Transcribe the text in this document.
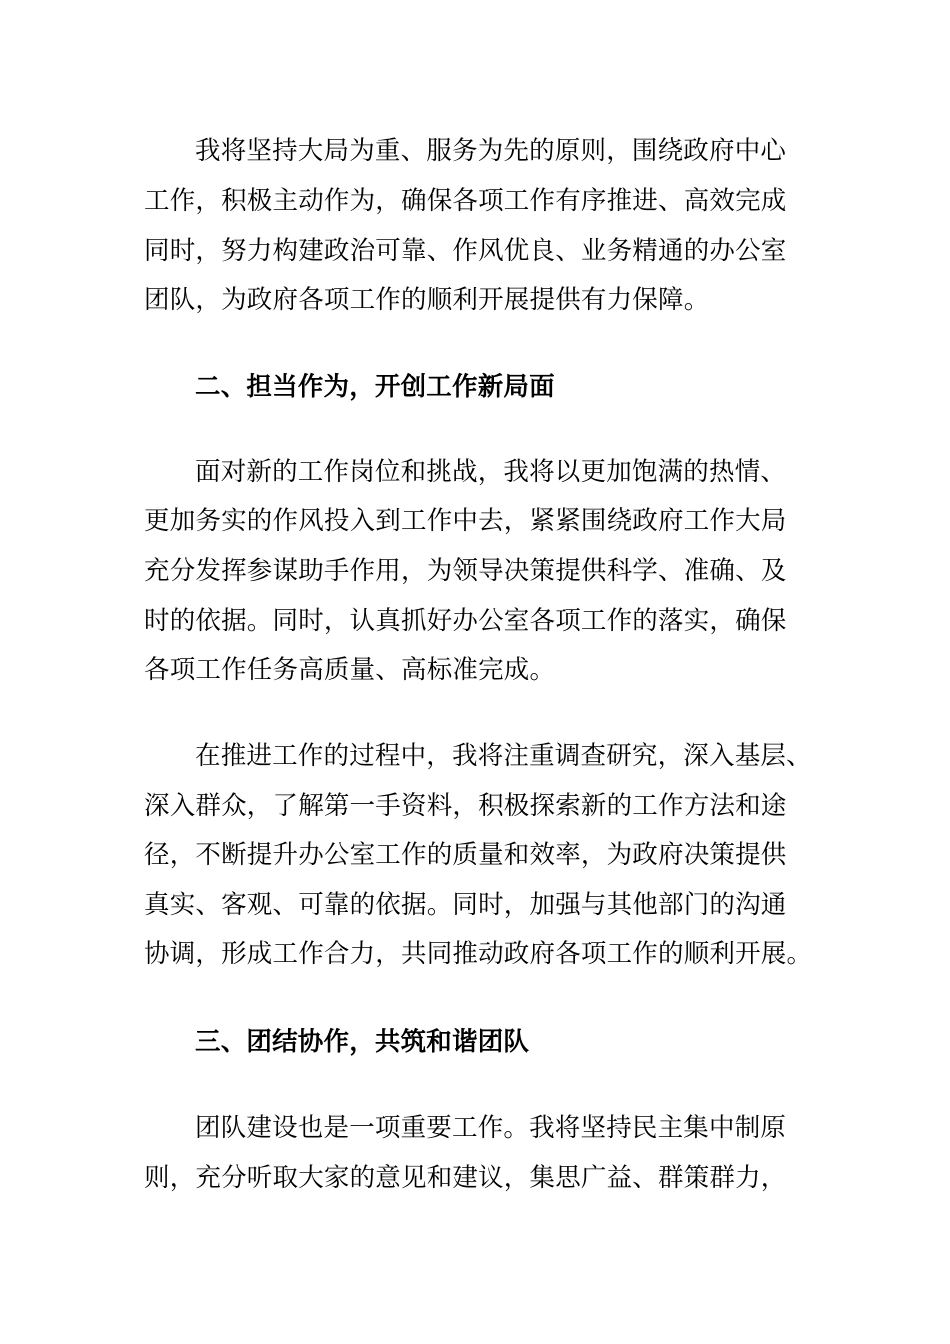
我将坚持大局为重、服务为先的原则，围绕政府中心
工作，积极主动作为，确保各项工作有序推进、高效完成
同时，努力构建政治可靠、作风优良、业务精通的办公室
团队，为政府各项工作的顺利开展提供有力保障。
二、担当作为，开创工作新局面
面对新的工作岗位和挑战，我将以更加饱满的热情、
更加务实的作风投入到工作中去，紧紧围绕政府工作大局
充分发挥参谋助手作用，为领导决策提供科学、准确、及
时的依据。同时，认真抓好办公室各项工作的落实，确保
各项工作任务高质量、高标准完成。
在推进工作的过程中，我将注重调查研究，深入基层、
深入群众，了解第一手资料，积极探索新的工作方法和途
径，不断提升办公室工作的质量和效率，为政府决策提供
真实、客观、可靠的依据。同时，加强与其他部门的沟通
协调，形成工作合力，共同推动政府各项工作的顺利开展。
三、团结协作，共筑和谐团队
团队建设也是一项重要工作。我将坚持民主集中制原
则，充分听取大家的意见和建议，集思广益、群策群力，
